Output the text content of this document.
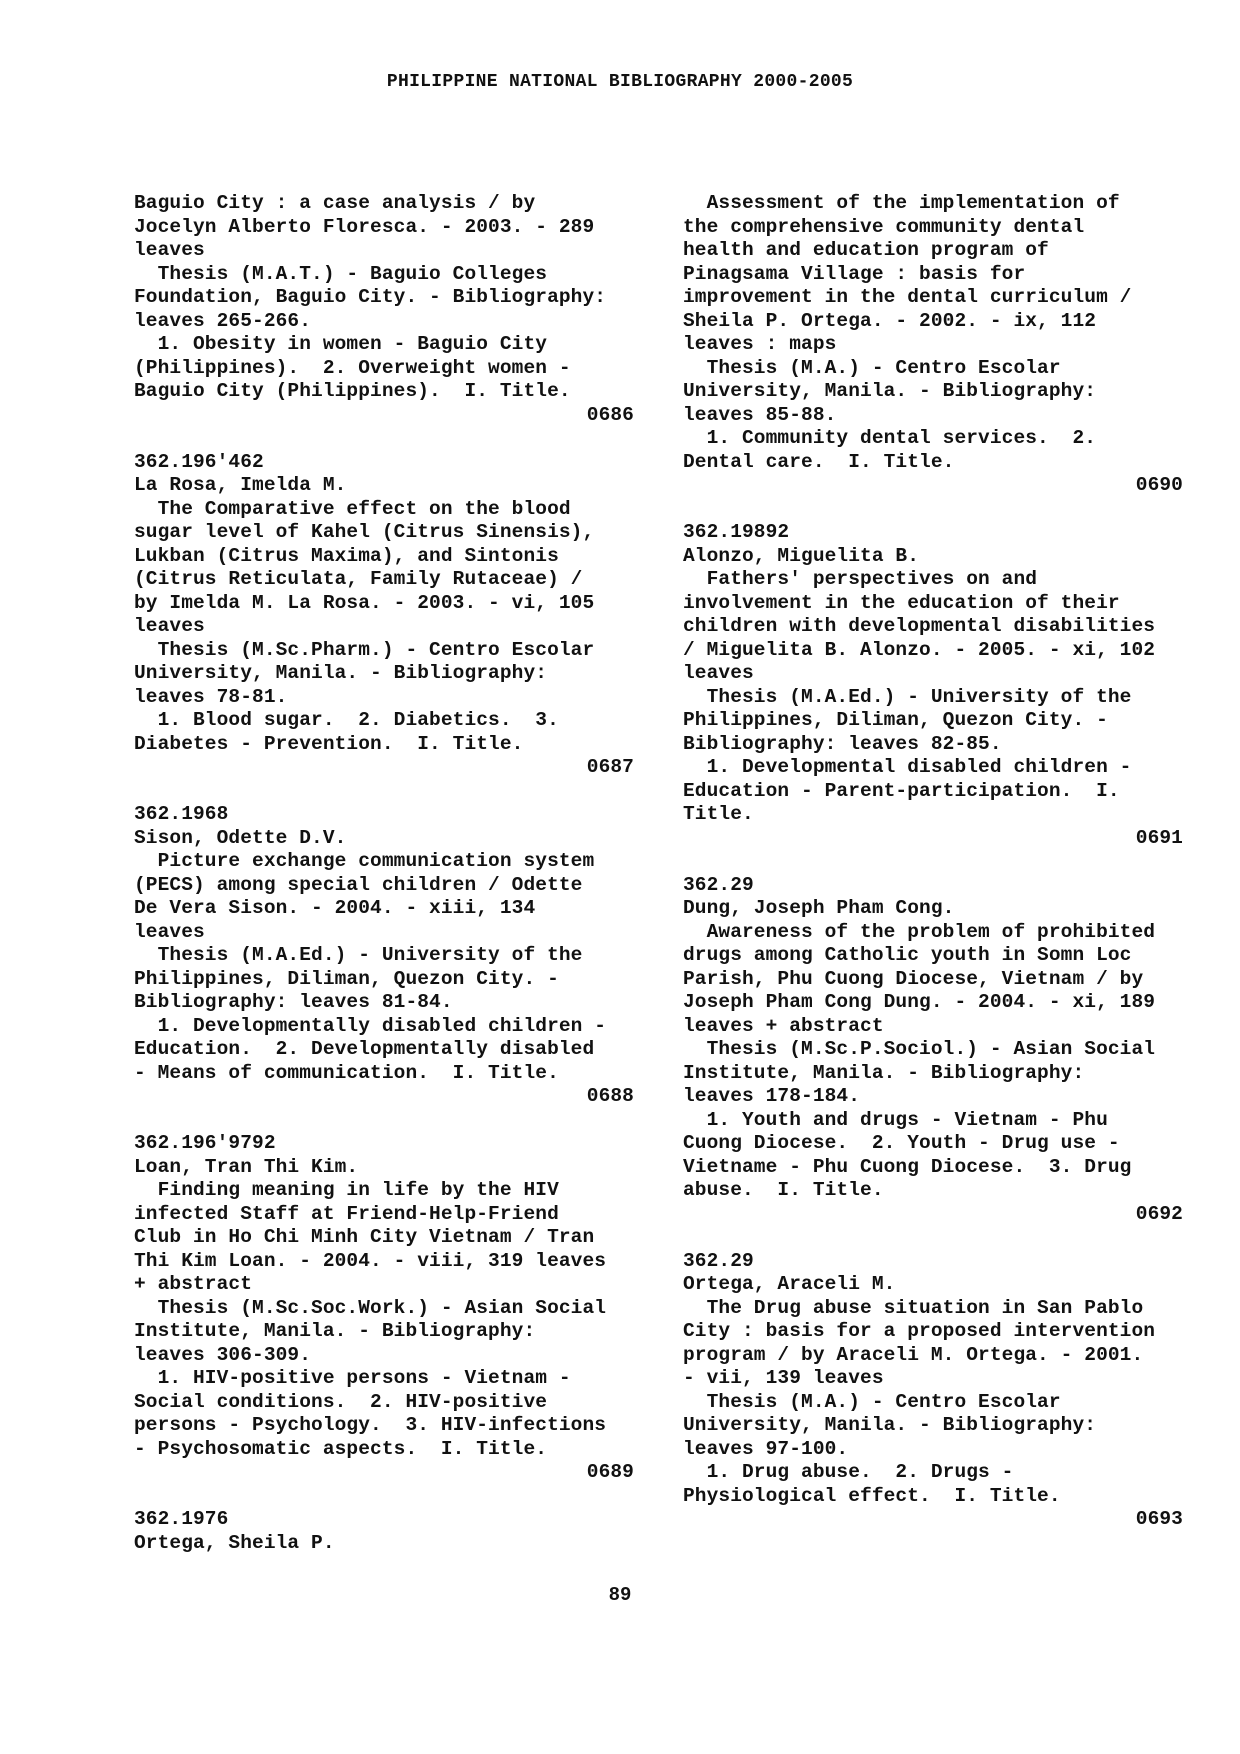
PHILIPPINE NATIONAL BIBLIOGRAPHY 2000-2005
Baguio City : a case analysis / by
Jocelyn Alberto Floresca. - 2003. - 289
leaves
Thesis (M.A.T.) - Baguio Colleges
Foundation, Baguio City. - Bibliography:
leaves 265-266.
1. Obesity in women - Baguio City
(Philippines).  2. Overweight women -
Baguio City (Philippines).  I. Title.
0686
362.196'462
La Rosa, Imelda M.
The Comparative effect on the blood
sugar level of Kahel (Citrus Sinensis),
Lukban (Citrus Maxima), and Sintonis
(Citrus Reticulata, Family Rutaceae) /
by Imelda M. La Rosa. - 2003. - vi, 105
leaves
Thesis (M.Sc.Pharm.) - Centro Escolar
University, Manila. - Bibliography:
leaves 78-81.
1. Blood sugar.  2. Diabetics.  3.
Diabetes - Prevention.  I. Title.
0687
362.1968
Sison, Odette D.V.
Picture exchange communication system
(PECS) among special children / Odette
De Vera Sison. - 2004. - xiii, 134
leaves
Thesis (M.A.Ed.) - University of the
Philippines, Diliman, Quezon City. -
Bibliography: leaves 81-84.
1. Developmentally disabled children -
Education.  2. Developmentally disabled
- Means of communication.  I. Title.
0688
362.196'9792
Loan, Tran Thi Kim.
Finding meaning in life by the HIV
infected Staff at Friend-Help-Friend
Club in Ho Chi Minh City Vietnam / Tran
Thi Kim Loan. - 2004. - viii, 319 leaves
+ abstract
Thesis (M.Sc.Soc.Work.) - Asian Social
Institute, Manila. - Bibliography:
leaves 306-309.
1. HIV-positive persons - Vietnam -
Social conditions.  2. HIV-positive
persons - Psychology.  3. HIV-infections
- Psychosomatic aspects.  I. Title.
0689
362.1976
Ortega, Sheila P.
Assessment of the implementation of
the comprehensive community dental
health and education program of
Pinagsama Village : basis for
improvement in the dental curriculum /
Sheila P. Ortega. - 2002. - ix, 112
leaves : maps
Thesis (M.A.) - Centro Escolar
University, Manila. - Bibliography:
leaves 85-88.
1. Community dental services.  2.
Dental care.  I. Title.
0690
362.19892
Alonzo, Miguelita B.
Fathers' perspectives on and
involvement in the education of their
children with developmental disabilities
/ Miguelita B. Alonzo. - 2005. - xi, 102
leaves
Thesis (M.A.Ed.) - University of the
Philippines, Diliman, Quezon City. -
Bibliography: leaves 82-85.
1. Developmental disabled children -
Education - Parent-participation.  I.
Title.
0691
362.29
Dung, Joseph Pham Cong.
Awareness of the problem of prohibited
drugs among Catholic youth in Somn Loc
Parish, Phu Cuong Diocese, Vietnam / by
Joseph Pham Cong Dung. - 2004. - xi, 189
leaves + abstract
Thesis (M.Sc.P.Sociol.) - Asian Social
Institute, Manila. - Bibliography:
leaves 178-184.
1. Youth and drugs - Vietnam - Phu
Cuong Diocese.  2. Youth - Drug use -
Vietname - Phu Cuong Diocese.  3. Drug
abuse.  I. Title.
0692
362.29
Ortega, Araceli M.
The Drug abuse situation in San Pablo
City : basis for a proposed intervention
program / by Araceli M. Ortega. - 2001.
- vii, 139 leaves
Thesis (M.A.) - Centro Escolar
University, Manila. - Bibliography:
leaves 97-100.
1. Drug abuse.  2. Drugs -
Physiological effect.  I. Title.
0693
89
